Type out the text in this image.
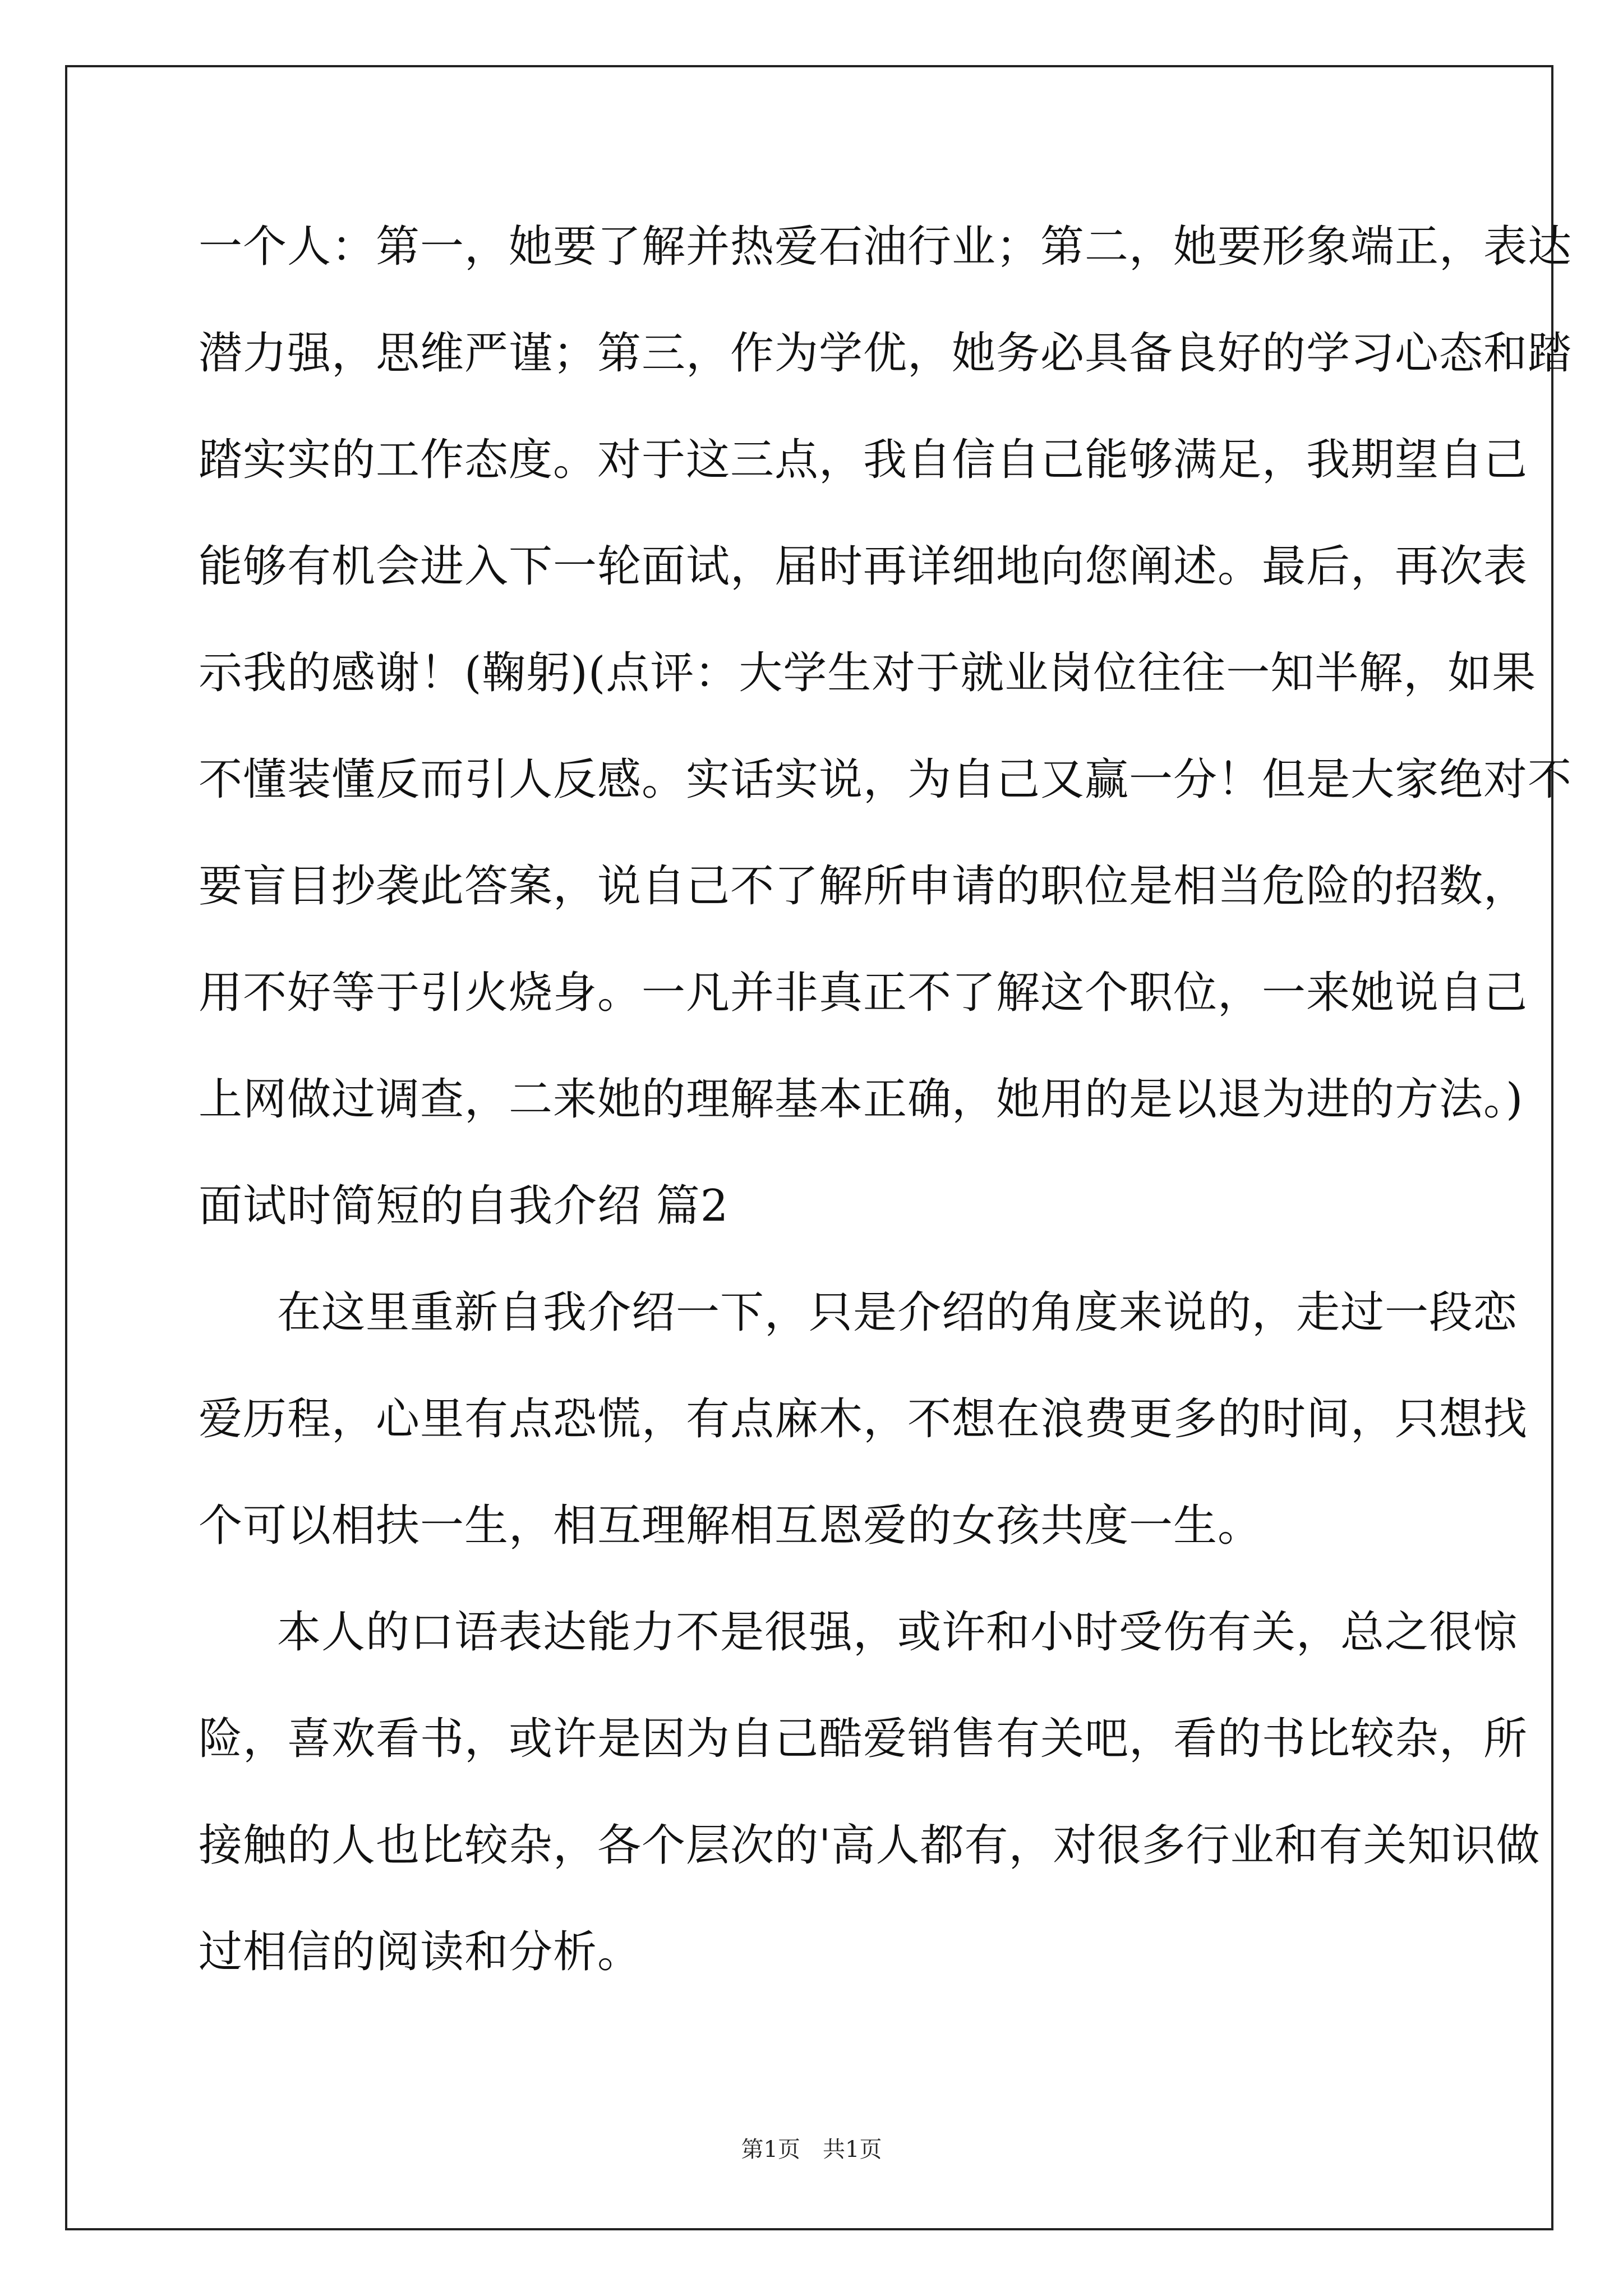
一个人：第一，她要了解并热爱石油行业；第二，她要形象端正，表达
潜力强，思维严谨；第三，作为学优，她务必具备良好的学习心态和踏
踏实实的工作态度。对于这三点，我自信自己能够满足，我期望自己
能够有机会进入下一轮面试，届时再详细地向您阐述。最后，再次表
示我的感谢！(鞠躬)(点评：大学生对于就业岗位往往一知半解，如果
不懂装懂反而引人反感。实话实说，为自己又赢一分！但是大家绝对不
要盲目抄袭此答案，说自己不了解所申请的职位是相当危险的招数，
用不好等于引火烧身。一凡并非真正不了解这个职位，一来她说自己
上网做过调查，二来她的理解基本正确，她用的是以退为进的方法。)
面试时简短的自我介绍 篇2
在这里重新自我介绍一下，只是介绍的角度来说的，走过一段恋
爱历程，心里有点恐慌，有点麻木，不想在浪费更多的时间，只想找
个可以相扶一生，相互理解相互恩爱的女孩共度一生。
本人的口语表达能力不是很强，或许和小时受伤有关，总之很惊
险，喜欢看书，或许是因为自己酷爱销售有关吧，看的书比较杂，所
接触的人也比较杂，各个层次的'高人都有，对很多行业和有关知识做
过相信的阅读和分析。
第1页　共1页
